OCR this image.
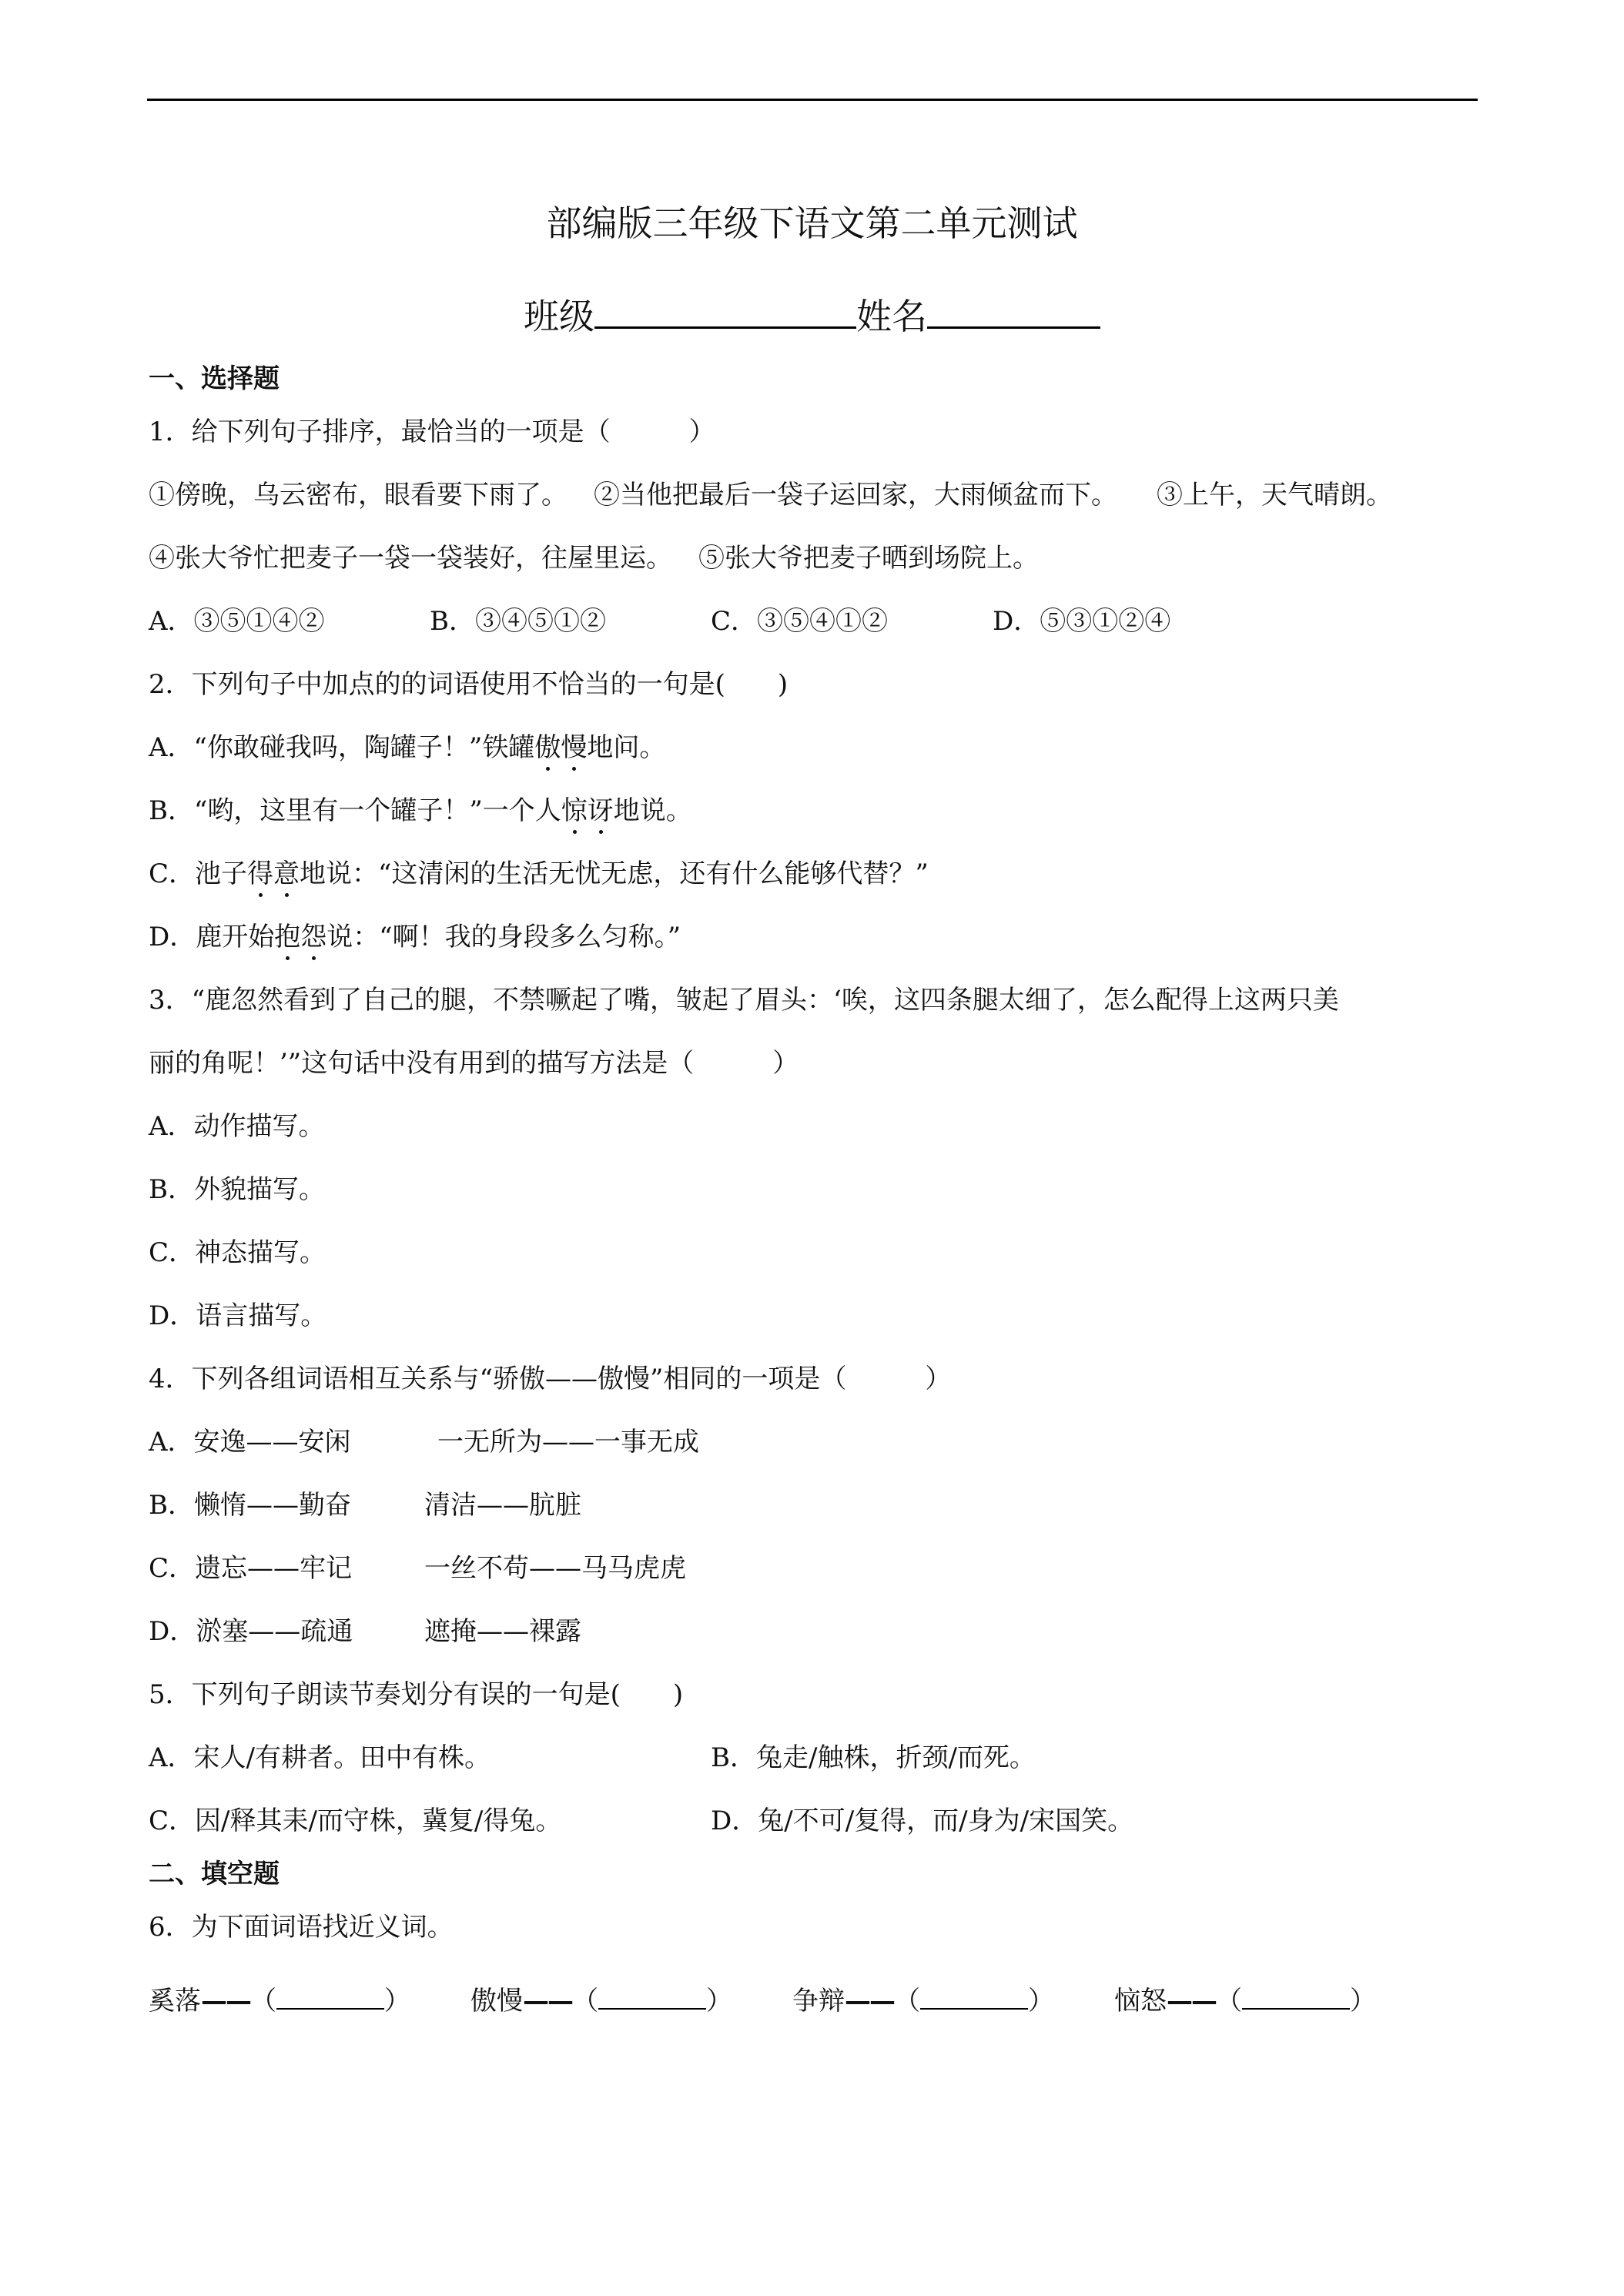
部编版三年级下语文第二单元测试
班级	姓名
一、选择题
1．给下列句子排序，最恰当的一项是（　　　）
①傍晚，乌云密布，眼看要下雨了。 ②当他把最后一袋子运回家，大雨倾盆而下。 ③上午，天气晴朗。
④张大爷忙把麦子一袋一袋装好，往屋里运。 ⑤张大爷把麦子晒到场院上。
A．③⑤①④②	B．③④⑤①②	C．③⑤④①②	D．⑤③①②④
2．下列句子中加点的的词语使用不恰当的一句是(　　)
A．“你敢碰我吗，陶罐子！”铁罐傲慢地问。
B．“哟，这里有一个罐子！”一个人惊讶地说。
C．池子得意地说：“这清闲的生活无忧无虑，还有什么能够代替？”
D．鹿开始抱怨说：“啊！我的身段多么匀称。”
3．“鹿忽然看到了自己的腿，不禁噘起了嘴，皱起了眉头：‘唉，这四条腿太细了，怎么配得上这两只美
丽的角呢！’”这句话中没有用到的描写方法是（　　　）
A．动作描写。
B．外貌描写。
C．神态描写。
D．语言描写。
4．下列各组词语相互关系与“骄傲——傲慢”相同的一项是（　　　）
A．安逸——安闲	一无所为——一事无成
B．懒惰——勤奋	清洁——肮脏
C．遗忘——牢记	一丝不苟——马马虎虎
D．淤塞——疏通	遮掩——裸露
5．下列句子朗读节奏划分有误的一句是(　　)
A．宋人/有耕者。田中有株。	B．兔走/触株，折颈/而死。
C．因/释其耒/而守株，冀复/得兔。	D．兔/不可/复得，而/身为/宋国笑。
二、填空题
6．为下面词语找近义词。
奚落——（	） 傲慢——（	） 争辩——（	） 恼怒——（	）
